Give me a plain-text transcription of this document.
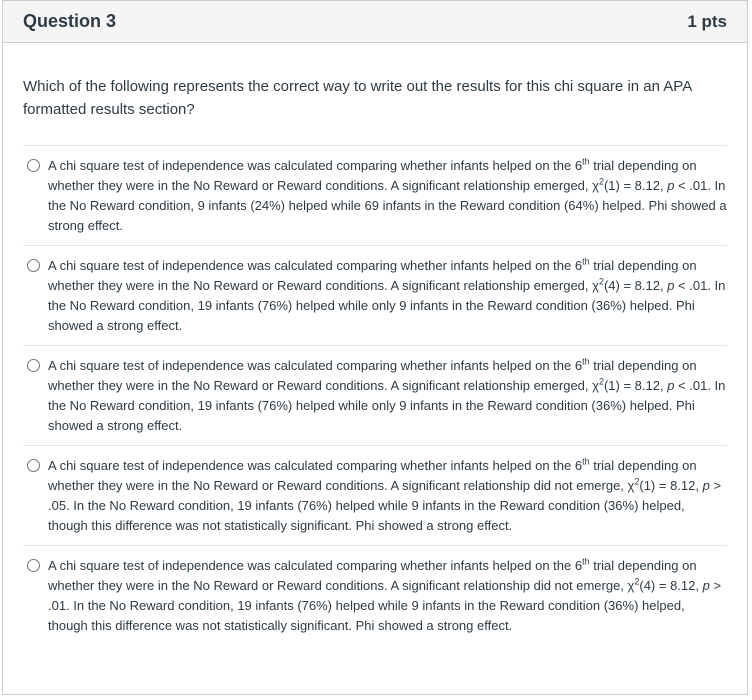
Question 3	1 pts
Which of the following represents the correct way to write out the results for this chi square in an APA formatted results section?
A chi square test of independence was calculated comparing whether infants helped on the 6th trial depending on whether they were in the No Reward or Reward conditions. A significant relationship emerged, $\chi^2(1) = 8.12$, p < .01. In the No Reward condition, 9 infants (24%) helped while 69 infants in the Reward condition (64%) helped. Phi showed a strong effect.
A chi square test of independence was calculated comparing whether infants helped on the 6th trial depending on whether they were in the No Reward or Reward conditions. A significant relationship emerged, $\chi^2(4) = 8.12$, p < .01. In the No Reward condition, 19 infants (76%) helped while only 9 infants in the Reward condition (36%) helped. Phi showed a strong effect.
A chi square test of independence was calculated comparing whether infants helped on the 6th trial depending on whether they were in the No Reward or Reward conditions. A significant relationship emerged, $\chi^2(1) = 8.12$, p < .01. In the No Reward condition, 19 infants (76%) helped while only 9 infants in the Reward condition (36%) helped. Phi showed a strong effect.
A chi square test of independence was calculated comparing whether infants helped on the 6th trial depending on whether they were in the No Reward or Reward conditions. A significant relationship did not emerge, $\chi^2(1) = 8.12$, p > .05. In the No Reward condition, 19 infants (76%) helped while 9 infants in the Reward condition (36%) helped, though this difference was not statistically significant. Phi showed a strong effect.
A chi square test of independence was calculated comparing whether infants helped on the 6th trial depending on whether they were in the No Reward or Reward conditions. A significant relationship did not emerge, $\chi^2(4) = 8.12$, p > .01. In the No Reward condition, 19 infants (76%) helped while 9 infants in the Reward condition (36%) helped, though this difference was not statistically significant. Phi showed a strong effect.
